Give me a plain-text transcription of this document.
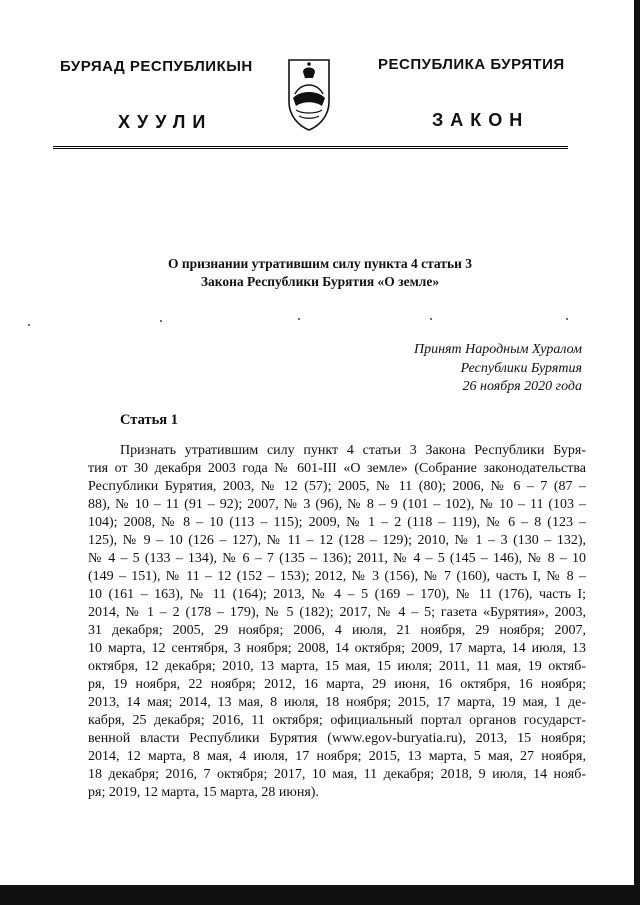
БУРЯАД РЕСПУБЛИКЫН	РЕСПУБЛИКА БУРЯТИЯ
ХУУЛИ	ЗАКОН
О признании утратившим силу пункта 4 статьи 3
Закона Республики Бурятия «О земле»
Принят Народным Хуралом
Республики Бурятия
26 ноября 2020 года
Статья 1
Признать утратившим силу пункт 4 статьи 3 Закона Республики Буря-
тия от 30 декабря 2003 года № 601-III «О земле» (Собрание законодательства
Республики Бурятия, 2003, № 12 (57); 2005, № 11 (80); 2006, № 6 – 7 (87 –
88), № 10 – 11 (91 – 92); 2007, № 3 (96), № 8 – 9 (101 – 102), № 10 – 11 (103 –
104); 2008, № 8 – 10 (113 – 115); 2009, № 1 – 2 (118 – 119), № 6 – 8 (123 –
125), № 9 – 10 (126 – 127), № 11 – 12 (128 – 129); 2010, № 1 – 3 (130 – 132),
№ 4 – 5 (133 – 134), № 6 – 7 (135 – 136); 2011, № 4 – 5 (145 – 146), № 8 – 10
(149 – 151), № 11 – 12 (152 – 153); 2012, № 3 (156), № 7 (160), часть I, № 8 –
10 (161 – 163), № 11 (164); 2013, № 4 – 5 (169 – 170), № 11 (176), часть I;
2014, № 1 – 2 (178 – 179), № 5 (182); 2017, № 4 – 5; газета «Бурятия», 2003,
31 декабря; 2005, 29 ноября; 2006, 4 июля, 21 ноября, 29 ноября; 2007,
10 марта, 12 сентября, 3 ноября; 2008, 14 октября; 2009, 17 марта, 14 июля, 13
октября, 12 декабря; 2010, 13 марта, 15 мая, 15 июля; 2011, 11 мая, 19 октяб-
ря, 19 ноября, 22 ноября; 2012, 16 марта, 29 июня, 16 октября, 16 ноября;
2013, 14 мая; 2014, 13 мая, 8 июля, 18 ноября; 2015, 17 марта, 19 мая, 1 де-
кабря, 25 декабря; 2016, 11 октября; официальный портал органов государст-
венной власти Республики Бурятия (www.egov-buryatia.ru), 2013, 15 ноября;
2014, 12 марта, 8 мая, 4 июля, 17 ноября; 2015, 13 марта, 5 мая, 27 ноября,
18 декабря; 2016, 7 октября; 2017, 10 мая, 11 декабря; 2018, 9 июля, 14 нояб-
ря; 2019, 12 марта, 15 марта, 28 июня).
